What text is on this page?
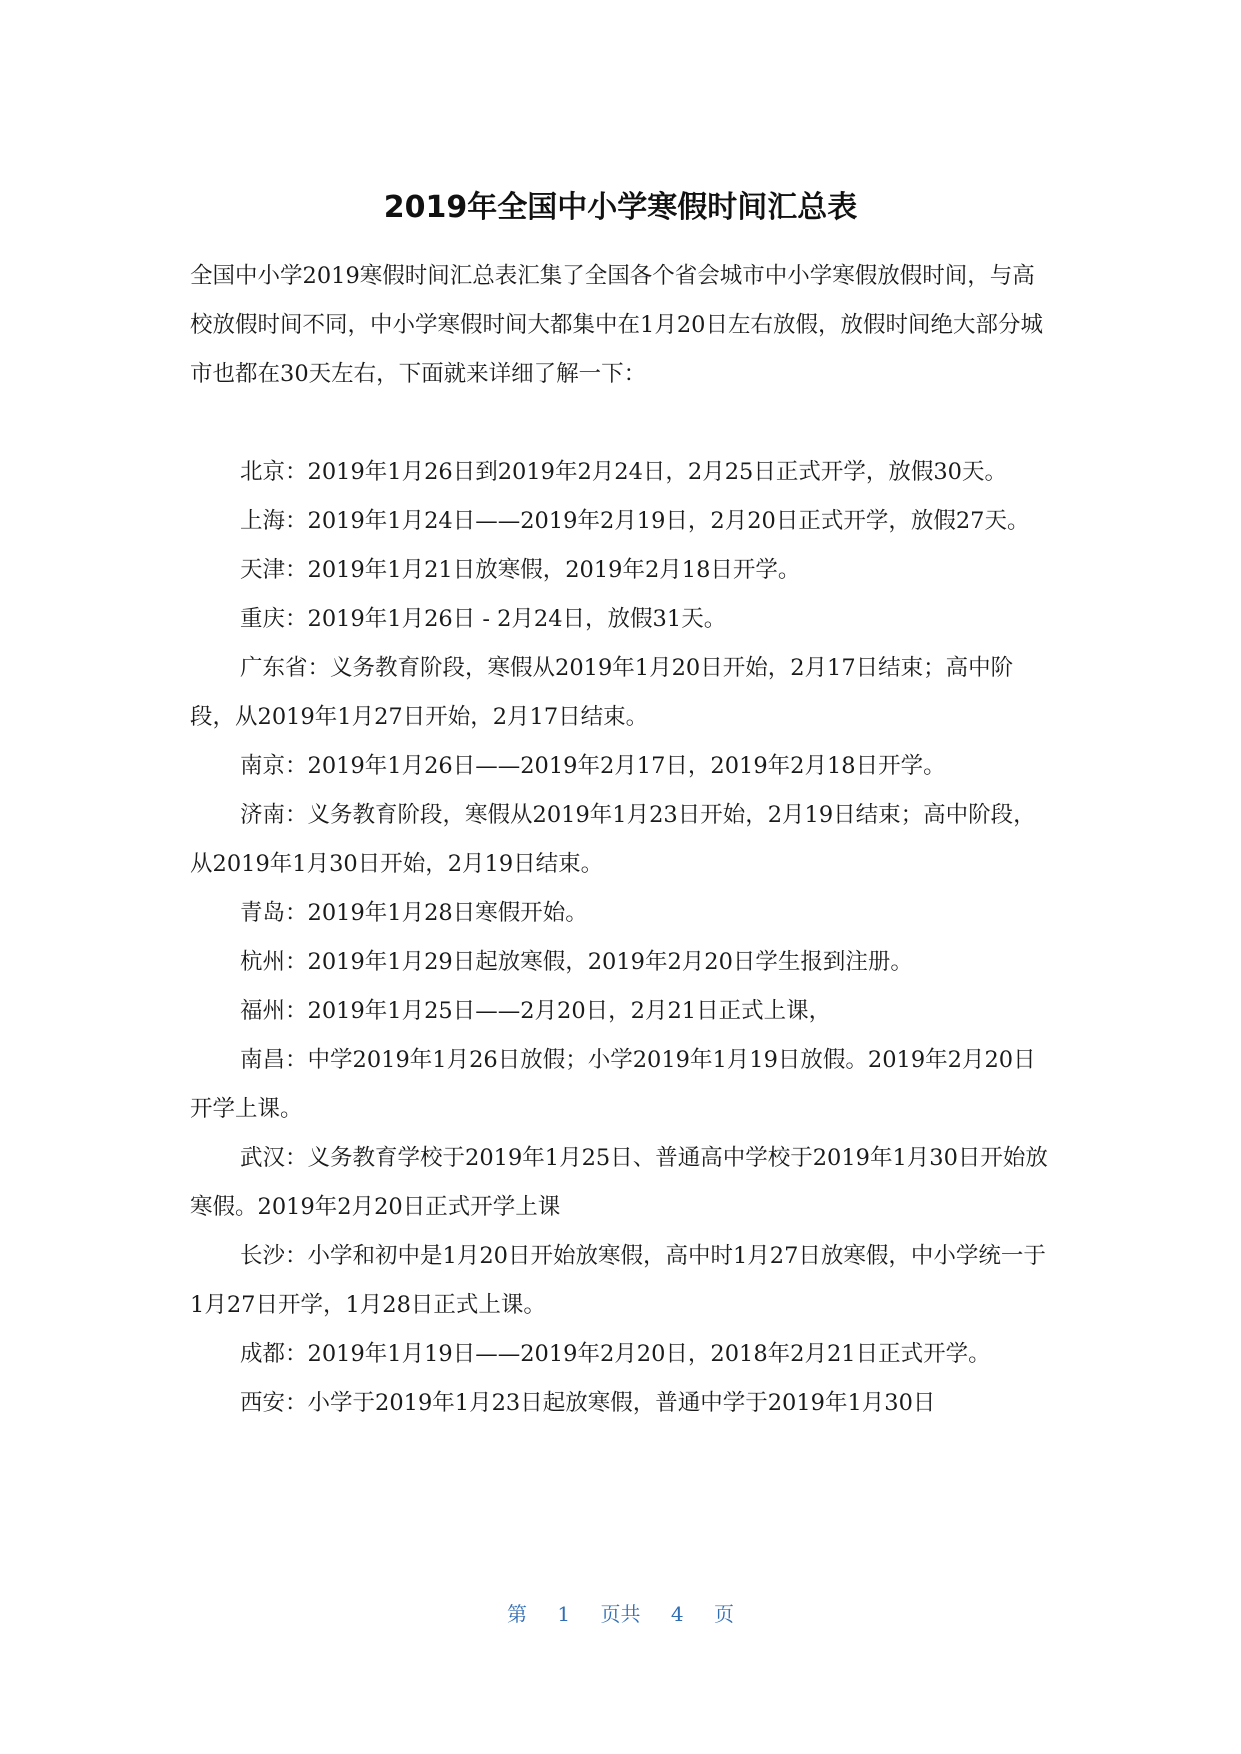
2019年全国中小学寒假时间汇总表

全国中小学2019寒假时间汇总表汇集了全国各个省会城市中小学寒假放假时间，与高校放假时间不同，中小学寒假时间大都集中在1月20日左右放假，放假时间绝大部分城市也都在30天左右，下面就来详细了解一下：

北京：2019年1月26日到2019年2月24日，2月25日正式开学，放假30天。

上海：2019年1月24日——2019年2月19日，2月20日正式开学，放假27天。

天津：2019年1月21日放寒假，2019年2月18日开学。

重庆：2019年1月26日 - 2月24日，放假31天。

广东省：义务教育阶段，寒假从2019年1月20日开始，2月17日结束；高中阶段，从2019年1月27日开始，2月17日结束。

南京：2019年1月26日——2019年2月17日，2019年2月18日开学。

济南：义务教育阶段，寒假从2019年1月23日开始，2月19日结束；高中阶段，从2019年1月30日开始，2月19日结束。

青岛：2019年1月28日寒假开始。

杭州：2019年1月29日起放寒假，2019年2月20日学生报到注册。

福州：2019年1月25日——2月20日，2月21日正式上课，

南昌：中学2019年1月26日放假；小学2019年1月19日放假。2019年2月20日开学上课。

武汉：义务教育学校于2019年1月25日、普通高中学校于2019年1月30日开始放寒假。2019年2月20日正式开学上课

长沙：小学和初中是1月20日开始放寒假，高中时1月27日放寒假，中小学统一于1月27日开学，1月28日正式上课。

成都：2019年1月19日——2019年2月20日，2018年2月21日正式开学。

西安：小学于2019年1月23日起放寒假，普通中学于2019年1月30日

第 1 页共 4 页
